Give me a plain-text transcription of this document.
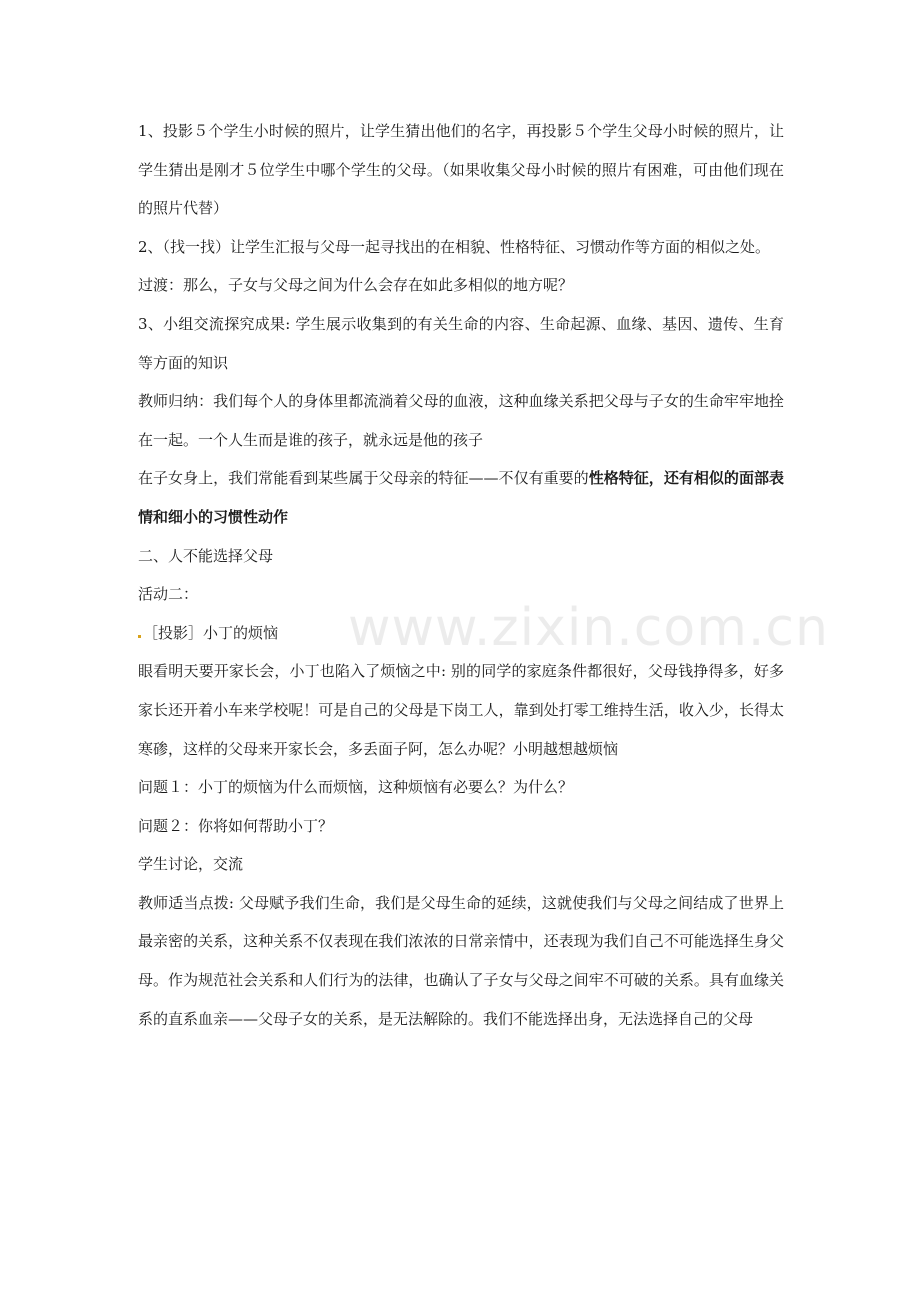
1、投影５个学生小时候的照片，让学生猜出他们的名字，再投影５个学生父母小时候的照片，让学生猜出是刚才５位学生中哪个学生的父母。（如果收集父母小时候的照片有困难，可由他们现在的照片代替）

2、（找一找）让学生汇报与父母一起寻找出的在相貌、性格特征、习惯动作等方面的相似之处。

过渡：那么，子女与父母之间为什么会存在如此多相似的地方呢？

3、小组交流探究成果: 学生展示收集到的有关生命的内容、生命起源、血缘、基因、遗传、生育等方面的知识

教师归纳：我们每个人的身体里都流淌着父母的血液，这种血缘关系把父母与子女的生命牢牢地拴在一起。一个人生而是谁的孩子，就永远是他的孩子

在子女身上，我们常能看到某些属于父母亲的特征——不仅有重要的性格特征，还有相似的面部表情和细小的习惯性动作

二、人不能选择父母

活动二：

［投影］小丁的烦恼

眼看明天要开家长会，小丁也陷入了烦恼之中: 别的同学的家庭条件都很好，父母钱挣得多，好多家长还开着小车来学校呢！可是自己的父母是下岗工人，靠到处打零工维持生活，收入少，长得太寒碜，这样的父母来开家长会，多丢面子阿，怎么办呢？小明越想越烦恼

问题１：小丁的烦恼为什么而烦恼，这种烦恼有必要么？为什么？

问题２：你将如何帮助小丁？

学生讨论，交流

教师适当点拨: 父母赋予我们生命，我们是父母生命的延续，这就使我们与父母之间结成了世界上最亲密的关系，这种关系不仅表现在我们浓浓的日常亲情中，还表现为我们自己不可能选择生身父母。作为规范社会关系和人们行为的法律，也确认了子女与父母之间牢不可破的关系。具有血缘关系的直系血亲——父母子女的关系，是无法解除的。我们不能选择出身，无法选择自己的父母

www.zixin.com.cn
